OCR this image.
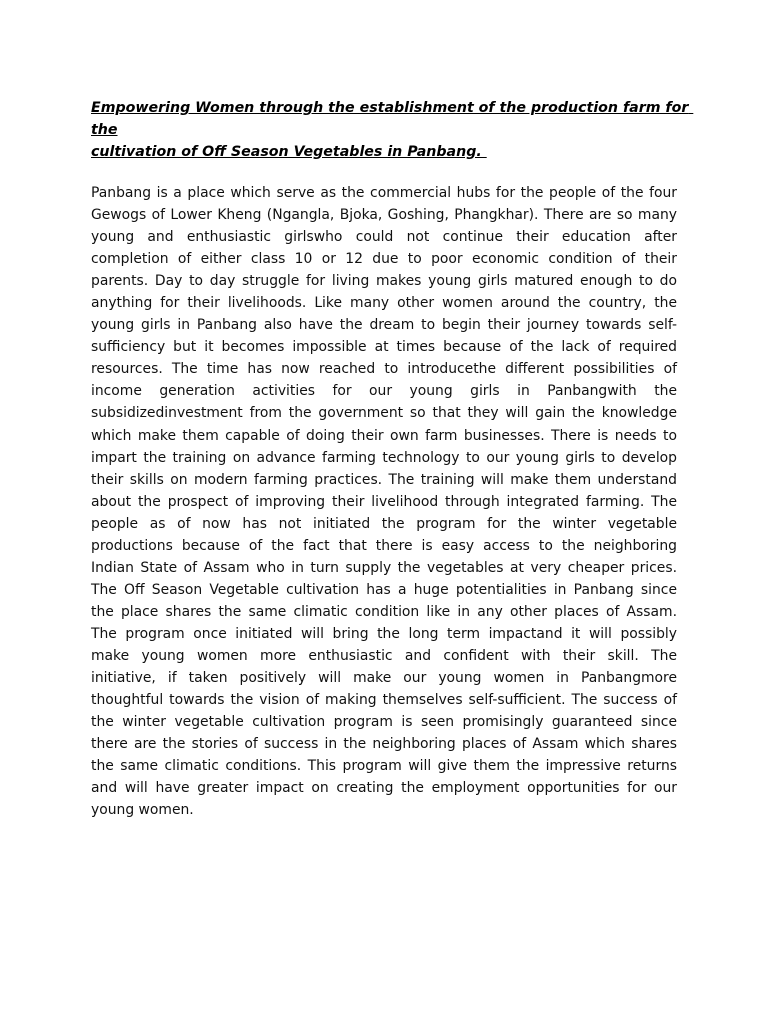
Empowering Women through the establishment of the production farm for the
cultivation of Off Season Vegetables in Panbang.
Panbang is a place which serve as the commercial hubs for the people of the four
Gewogs of Lower Kheng (Ngangla, Bjoka, Goshing, Phangkhar). There are so many
young and enthusiastic girlswho could not continue their education after
completion of either class 10 or 12 due to poor economic condition of their
parents. Day to day struggle for living makes young girls matured enough to do
anything for their livelihoods. Like many other women around the country, the
young girls in Panbang also have the dream to begin their journey towards self-
sufficiency but it becomes impossible at times because of the lack of required
resources. The time has now reached to introducethe different possibilities of
income generation activities for our young girls in Panbangwith the
subsidizedinvestment from the government so that they will gain the knowledge
which make them capable of doing their own farm businesses. There is needs to
impart the training on advance farming technology to our young girls to develop
their skills on modern farming practices. The training will make them understand
about the prospect of improving their livelihood through integrated farming. The
people as of now has not initiated the program for the winter vegetable
productions because of the fact that there is easy access to the neighboring
Indian State of Assam who in turn supply the vegetables at very cheaper prices.
The Off Season Vegetable cultivation has a huge potentialities in Panbang since
the place shares the same climatic condition like in any other places of Assam.
The program once initiated will bring the long term impactand it will possibly
make young women more enthusiastic and confident with their skill. The
initiative, if taken positively will make our young women in Panbangmore
thoughtful towards the vision of making themselves self-sufficient. The success of
the winter vegetable cultivation program is seen promisingly guaranteed since
there are the stories of success in the neighboring places of Assam which shares
the same climatic conditions. This program will give them the impressive returns
and will have greater impact on creating the employment opportunities for our
young women.
